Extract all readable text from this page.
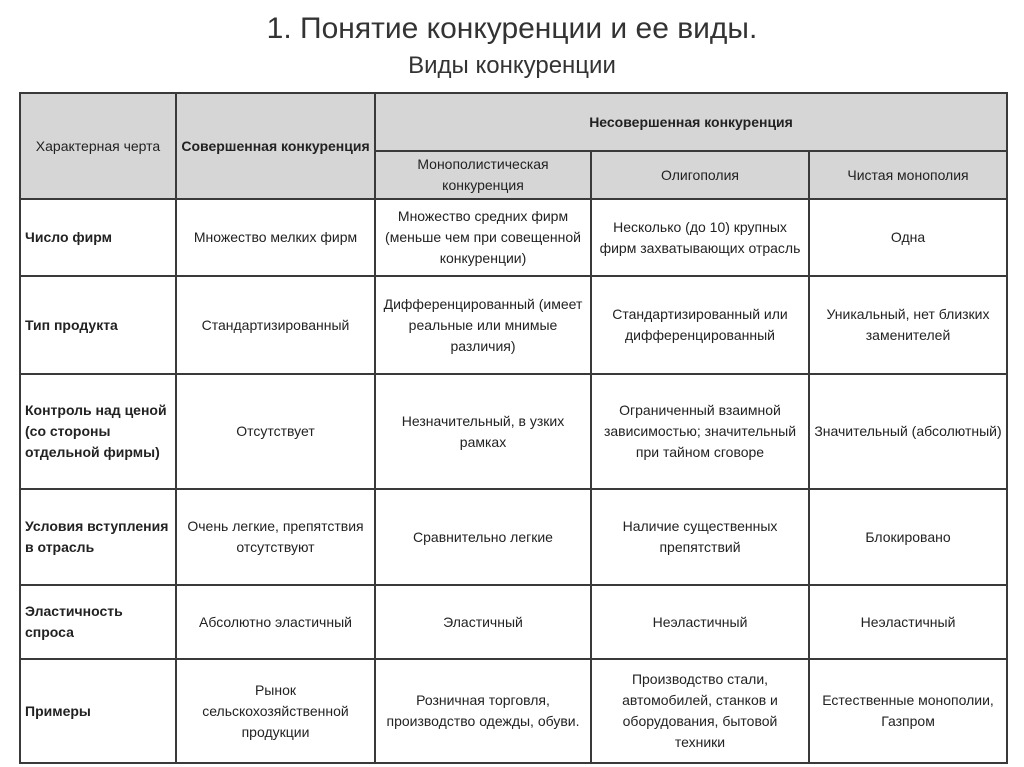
1. Понятие конкуренции и ее виды.
Виды конкуренции
Характерная черта	Совершенная конкуренция	Несовершенная конкуренция		
		Монополистическая конкуренция	Олигополия	Чистая монополия
Число фирм	Множество мелких фирм	Множество средних фирм (меньше чем при совещенной конкуренции)	Несколько (до 10) крупных фирм захватывающих отрасль	Одна
Тип продукта	Стандартизированный	Дифференцированный (имеет реальные или мнимые различия)	Стандартизированный или дифференцированный	Уникальный, нет близких заменителей
Контроль над ценой (со стороны отдельной фирмы)	Отсутствует	Незначительный, в узких рамках	Ограниченный взаимной зависимостью; значительный при тайном сговоре	Значительный (абсолютный)
Условия вступления в отрасль	Очень легкие, препятствия отсутствуют	Сравнительно легкие	Наличие существенных препятствий	Блокировано
Эластичность спроса	Абсолютно эластичный	Эластичный	Неэластичный	Неэластичный
Примеры	Рынок сельскохозяйственной продукции	Розничная торговля, производство одежды, обуви.	Производство стали, автомобилей, станков и оборудования, бытовой техники	Естественные монополии, Газпром
